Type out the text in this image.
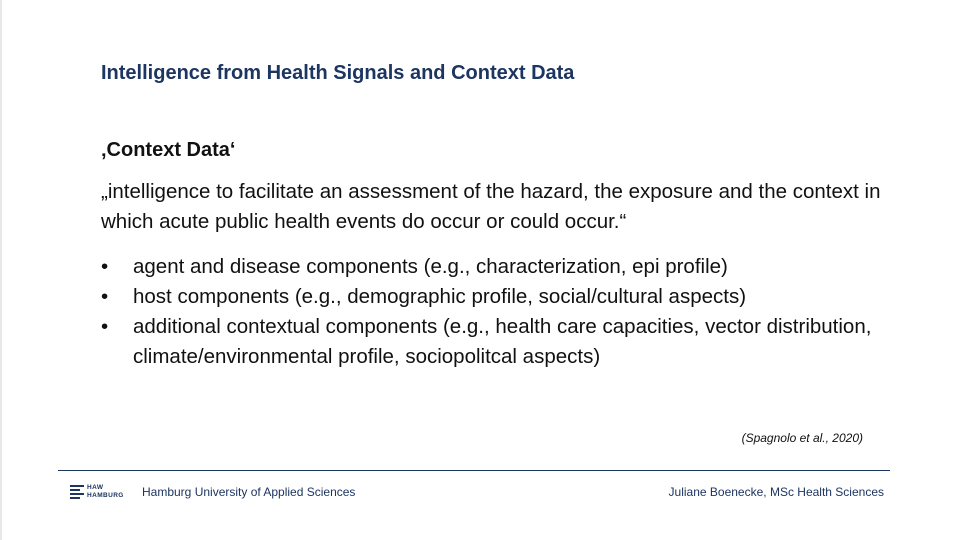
Intelligence from Health Signals and Context Data
‚Context Data‘
„intelligence to facilitate an assessment of the hazard, the exposure and the context in which acute public health events do occur or could occur.“
• agent and disease components (e.g., characterization, epi profile)
• host components (e.g., demographic profile, social/cultural aspects)
• additional contextual components (e.g., health care capacities, vector distribution, climate/environmental profile, sociopolitcal aspects)
(Spagnolo et al., 2020)
HAW
HAMBURG Hamburg University of Applied Sciences	Juliane Boenecke, MSc Health Sciences
